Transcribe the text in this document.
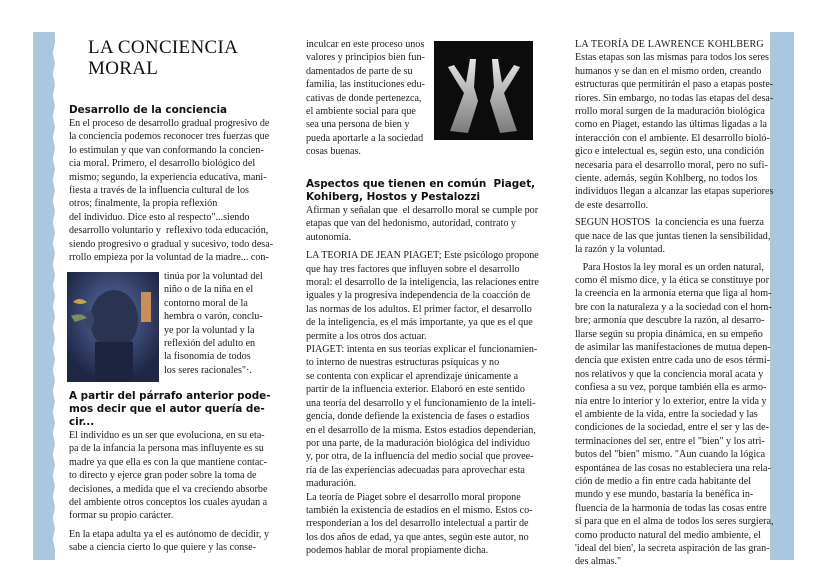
LA CONCIENCIA MORAL

Desarrollo de la conciencia

En el proceso de desarrollo gradual progresivo de
la conciencia podemos reconocer tres fuerzas que
lo estimulan y que van conformando la concien-
cia moral. Primero, el desarrollo biológico del
mismo; segundo, la experiencia educativa, mani-
fiesta a través de la influencia cultural de los
otros; finalmente, la propia reflexión
del individuo. Dice esto al respecto"...siendo
desarrollo voluntario y  reflexivo toda educación,
siendo progresivo o gradual y sucesivo, todo desa-
rrollo empieza por la voluntad de la madre... con-
tinúa por la voluntad del
niño o de la niña en el
contorno moral de la
hembra o varón, conclu-
ye por la voluntad y la
reflexión del adulto en
la fisonomía de todos
los seres racionales"·.
A partir del párrafo anterior pode-
mos decir que el autor quería de-
cir...
El individuo es un ser que evoluciona, en su eta-
pa de la infancia la persona mas influyente es su
madre ya que ella es con la que mantiene contac-
to directo y ejerce gran poder sobre la toma de
decisiones, a medida que el va creciendo absorbe
del ambiente otros conceptos los cuales ayudan a
formar su propio carácter.
En la etapa adulta ya el es autónomo de decidir, y
sabe a ciencia cierto lo que quiere y las conse-
inculcar en este proceso unos
valores y principios bien fun-
damentados de parte de su
familia, las instituciones edu-
cativas de donde pertenezca,
el ambiente social para que
sea una persona de bien y
pueda aportarle a la sociedad
cosas buenas.
Aspectos que tienen en común  Piaget,
Kohiberg, Hostos y Pestalozzi
Afirman y señalan que  el desarrollo moral se cumple por
etapas que van del hedonismo, autoridad, contrato y
autonomía.
LA TEORIA DE JEAN PIAGET; Este psicólogo propone
que hay tres factores que influyen sobre el desarrollo
moral: el desarrollo de la inteligencia, las relaciones entre
iguales y la progresiva independencia de la coacción de
las normas de los adultos. El primer factor, el desarrollo
de la inteligencia, es el más importante, ya que es el que
permite a los otros dos actuar.
PIAGET: intenta en sus teorías explicar el funcionamien-
to interno de nuestras estructuras psíquicas y no
se contenta con explicar el aprendizaje únicamente a
partir de la influencia exterior. Elaboró en este sentido
una teoría del desarrollo y el funcionamiento de la inteli-
gencia, donde defiende la existencia de fases o estadios
en el desarrollo de la misma. Estos estadios dependerían,
por una parte, de la maduración biológica del individuo
y, por otra, de la influencia del medio social que provee-
ría de las experiencias adecuadas para aprovechar esta
maduración.
La teoría de Piaget sobre el desarrollo moral propone
también la existencia de estadios en el mismo. Estos co-
rresponderían a los del desarrollo intelectual a partir de
los dos años de edad, ya que antes, según este autor, no
podemos hablar de moral propiamente dicha.
LA TEORÍA DE LAWRENCE KOHLBERG
Estas etapas son las mismas para todos los seres
humanos y se dan en el mismo orden, creando
estructuras que permitirán el paso a etapas poste-
riores. Sin embargo, no todas las etapas del desa-
rrollo moral surgen de la maduración biológica
como en Piaget, estando las últimas ligadas a la
interacción con el ambiente. El desarrollo bioló-
gico e intelectual es, según esto, una condición
necesaria para el desarrollo moral, pero no sufi-
ciente. además, según Kohlberg, no todos los
individuos llegan a alcanzar las etapas superiores
de este desarrollo.
SEGUN HOSTOS  la conciencia es una fuerza
que nace de las que juntas tienen la sensibilidad,
la razón y la voluntad.
Para Hostos la ley moral es un orden natural,
como él mismo dice, y la ética se constituye por
la creencia en la armonía eterna que liga al hom-
bre con la naturaleza y a la sociedad con el hom-
bre; armonía que descubre la razón, al desarro-
llarse según su propia dinámica, en su empeño
de asimilar las manifestaciones de mutua depen-
dencia que existen entre cada uno de esos térmi-
nos relativos y que la conciencia moral acata y
confiesa a su vez, porque también ella es armo-
nía entre lo interior y lo exterior, entre la vida y
el ambiente de la vida, entre la sociedad y las
condiciones de la sociedad, entre el ser y las de-
terminaciones del ser, entre el "bien" y los atri-
butos del "bien" mismo. "Aun cuando la lógica
espontánea de las cosas no estableciera una rela-
ción de medio a fin entre cada habitante del
mundo y ese mundo, bastaría la benéfica in-
fluencia de la harmonía de todas las cosas entre
sí para que en el alma de todos los seres surgiera,
como producto natural del medio ambiente, el
'ideal del bien', la secreta aspiración de las gran-
des almas."
